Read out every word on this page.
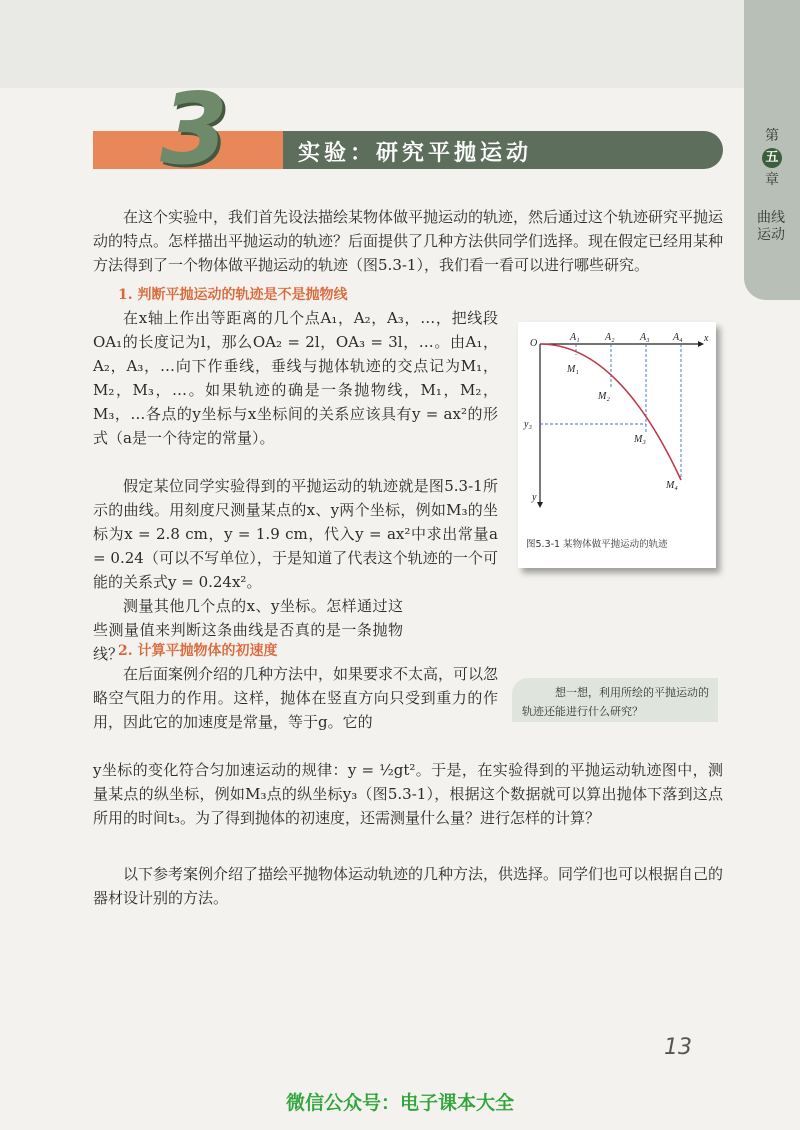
第
五
章
曲线运动
实验：研究平抛运动
3
在这个实验中，我们首先设法描绘某物体做平抛运动的轨迹，然后通过这个轨迹研究平抛运动的特点。怎样描出平抛运动的轨迹？后面提供了几种方法供同学们选择。现在假定已经用某种方法得到了一个物体做平抛运动的轨迹（图5.3-1），我们看一看可以进行哪些研究。
1. 判断平抛运动的轨迹是不是抛物线
在x轴上作出等距离的几个点A₁，A₂，A₃，…，把线段OA₁的长度记为l，那么OA₂ = 2l，OA₃ = 3l，…。由A₁，A₂，A₃，…向下作垂线，垂线与抛体轨迹的交点记为M₁，M₂，M₃，…。如果轨迹的确是一条抛物线，M₁，M₂，M₃，…各点的y坐标与x坐标间的关系应该具有y = ax²的形式（a是一个待定的常量）。
假定某位同学实验得到的平抛运动的轨迹就是图5.3-1所示的曲线。用刻度尺测量某点的x、y两个坐标，例如M₃的坐标为x = 2.8 cm，y = 1.9 cm，代入y = ax²中求出常量a = 0.24（可以不写单位），于是知道了代表这个轨迹的一个可能的关系式y = 0.24x²。
测量其他几个点的x、y坐标。怎样通过这些测量值来判断这条曲线是否真的是一条抛物线？
2. 计算平抛物体的初速度
在后面案例介绍的几种方法中，如果要求不太高，可以忽略空气阻力的作用。这样，抛体在竖直方向只受到重力的作用，因此它的加速度是常量，等于g。它的
y坐标的变化符合匀加速运动的规律：y = ½gt²。于是，在实验得到的平抛运动轨迹图中，测量某点的纵坐标，例如M₃点的纵坐标y₃（图5.3-1），根据这个数据就可以算出抛体下落到这点所用的时间t₃。为了得到抛体的初速度，还需测量什么量？进行怎样的计算？
以下参考案例介绍了描绘平抛物体运动轨迹的几种方法，供选择。同学们也可以根据自己的器材设计别的方法。
O	x
y
y₃
A₁	A₂	A₃ A₄
M₁
M₂
M₃
M₄
图5.3-1 某物体做平抛运动的轨迹
想一想，利用所绘的平抛运动的轨迹还能进行什么研究？
13
微信公众号：电子课本大全
